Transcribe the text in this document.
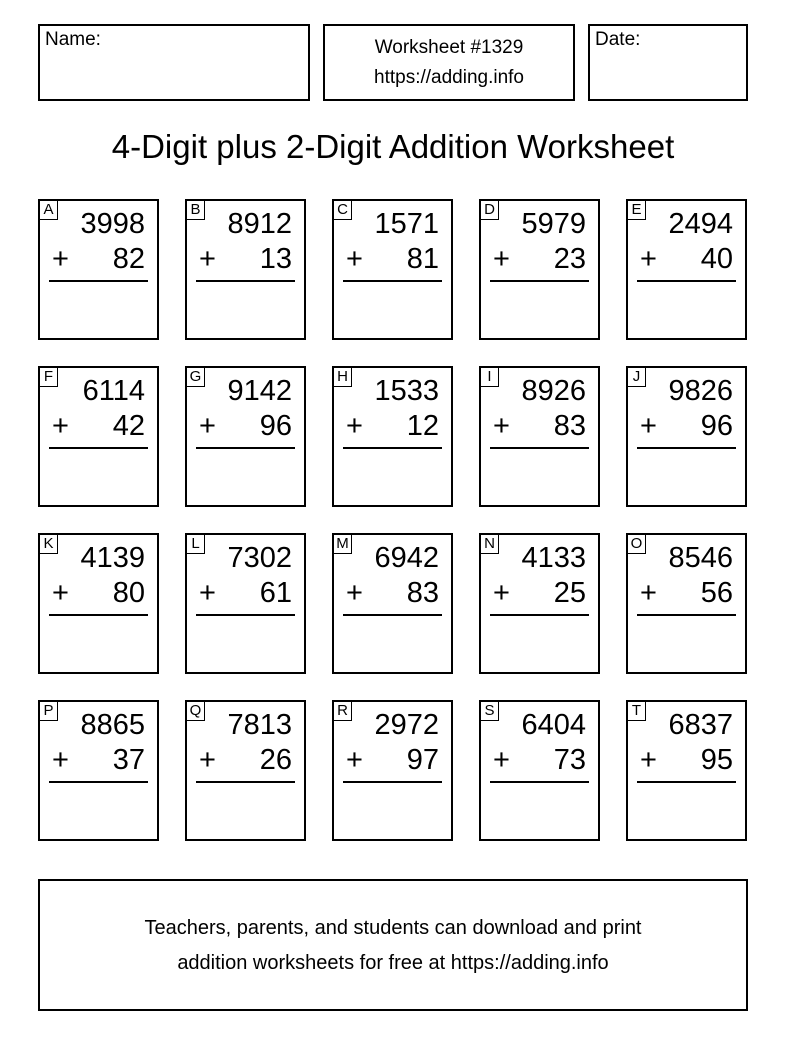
Name:	Worksheet #1329
https://adding.info
Date:
4-Digit plus 2-Digit Addition Worksheet
A 3998
+ 82
B 8912
+ 13
C 1571
+ 81
D 5979
+ 23
E 2494
+ 40
F 6114
+ 42
G 9142
+ 96
H 1533
+ 12
I 8926
+ 83
J 9826
+ 96
K 4139
+ 80
L 7302
+ 61
M 6942
+ 83
N 4133
+ 25
O 8546
+ 56
P 8865
+ 37
Q 7813
+ 26
R 2972
+ 97
S 6404
+ 73
T 6837
+ 95
Teachers, parents, and students can download and print
addition worksheets for free at https://adding.info
